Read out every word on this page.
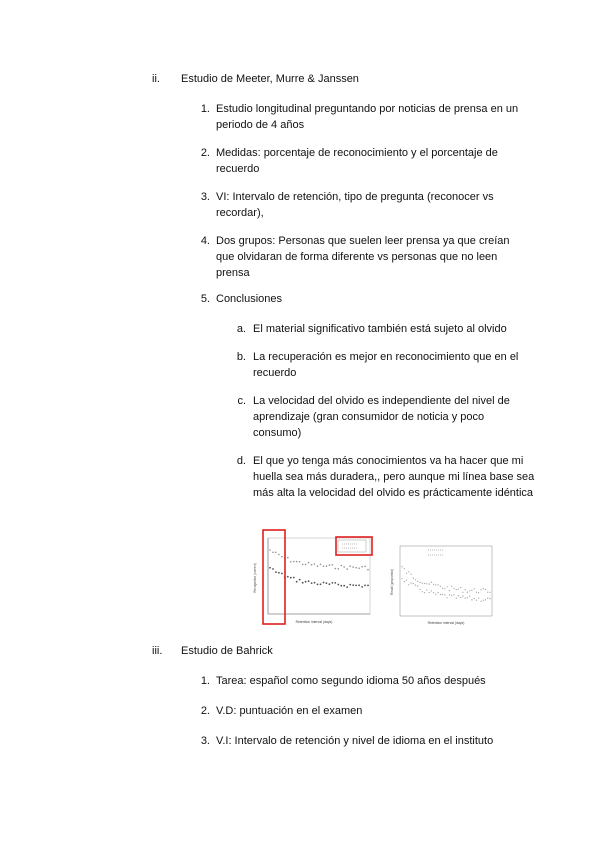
ii.	Estudio de Meeter, Murre & Janssen
1. Estudio longitudinal preguntando por noticias de prensa en un periodo de 4 años
2. Medidas: porcentaje de reconocimiento y el porcentaje de recuerdo
3. VI: Intervalo de retención, tipo de pregunta (reconocer vs recordar),
4. Dos grupos: Personas que suelen leer prensa ya que creían que olvidaran de forma diferente vs personas que no leen prensa
5. Conclusiones
a. El material significativo también está sujeto al olvido
b. La recuperación es mejor en reconocimiento que en el recuerdo
c. La velocidad del olvido es independiente del nivel de aprendizaje (gran consumidor de noticia y poco consumo)
d. El que yo tenga más conocimientos va ha hacer que mi huella sea más duradera,, pero aunque mi línea base sea más alta la velocidad del olvido es prácticamente idéntica
Recognition (correct)
Retention interval (days)
Recall (proportion)
Retention interval (days)
iii.	Estudio de Bahrick
1. Tarea: español como segundo idioma 50 años después
2. V.D: puntuación en el examen
3. V.I: Intervalo de retención y nivel de idioma en el instituto
